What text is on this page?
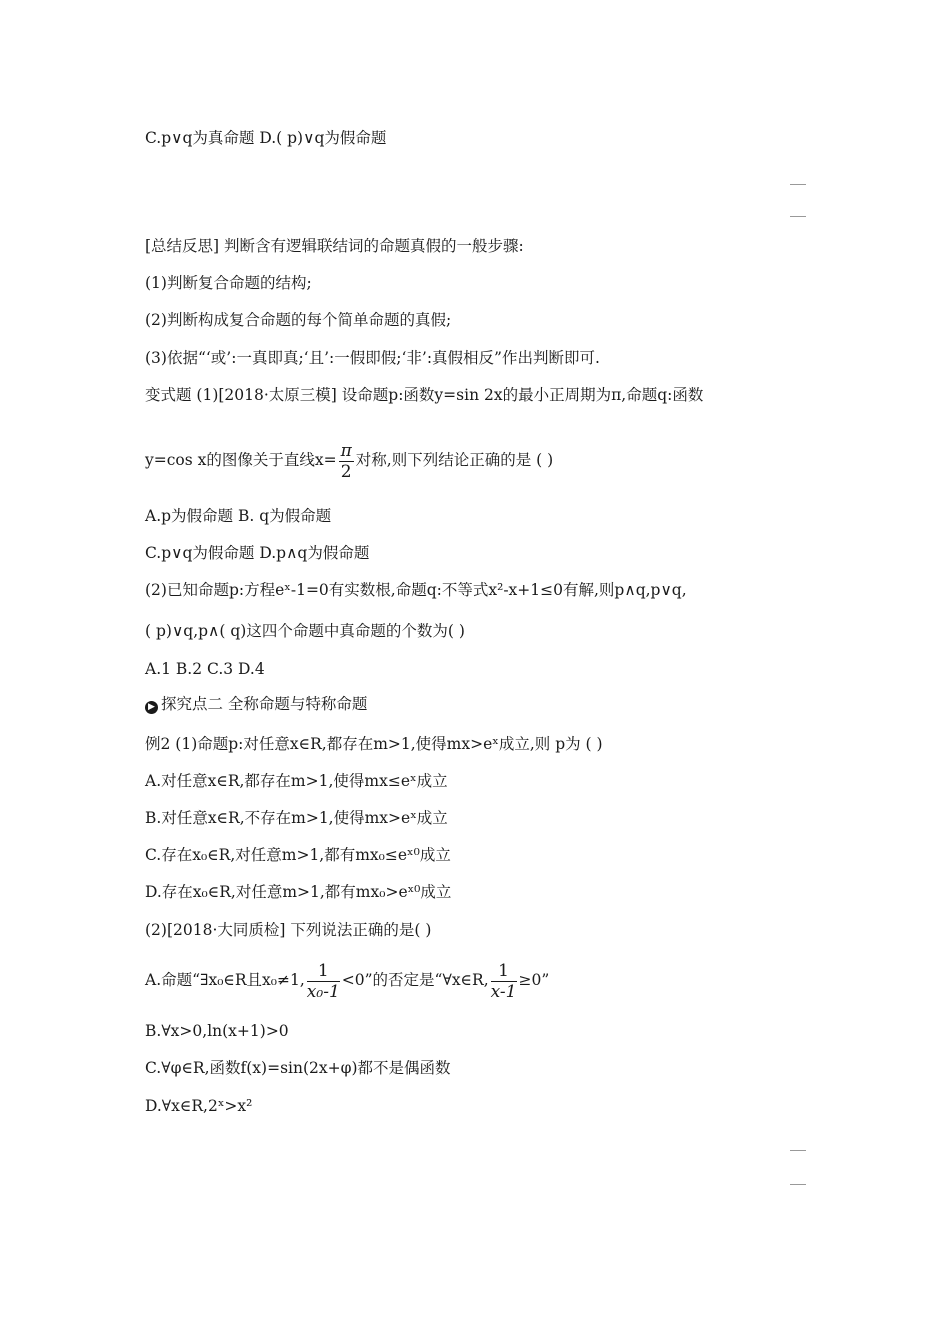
C.p∨q为真命题 D.( p)∨q为假命题
[总结反思] 判断含有逻辑联结词的命题真假的一般步骤:
(1)判断复合命题的结构;
(2)判断构成复合命题的每个简单命题的真假;
(3)依据“‘或’:一真即真;‘且’:一假即假;‘非’:真假相反”作出判断即可.
变式题 (1)[2018·太原三模] 设命题p:函数y=sin 2x的最小正周期为π,命题q:函数
y=cos x的图像关于直线$x= \frac{\pi}{2}$ 对称,则下列结论正确的是 ( )
A.p为假命题 B. q为假命题
C.p∨q为假命题 D.p∧q为假命题
(2)已知命题p:方程eˣ-1=0有实数根,命题q:不等式x²-x+1≤0有解,则p∧q,p∨q,
( p)∨q,p∧( q)这四个命题中真命题的个数为( )
A.1 B.2 C.3 D.4
▶ 探究点二 全称命题与特称命题
例2 (1)命题p:对任意x∈R,都存在m>1,使得mx>eˣ成立,则 p为 ( )
A.对任意x∈R,都存在m>1,使得mx≤eˣ成立
B.对任意x∈R,不存在m>1,使得mx>eˣ成立
C.存在x₀∈R,对任意m>1,都有mx₀≤eˣ⁰成立
D.存在x₀∈R,对任意m>1,都有mx₀>eˣ⁰成立
(2)[2018·大同质检] 下列说法正确的是( )
A.命题“∃x₀∈R且x₀≠1, $\frac{1}{\text{x₀-1}} <0$”的否定是“∀x∈R, $\frac{1}{x-1} \ge 0$”
B.∀x>0,ln(x+1)>0
C.∀φ∈R,函数f(x)=sin(2x+φ)都不是偶函数
D.∀x∈R,2ˣ>x²
